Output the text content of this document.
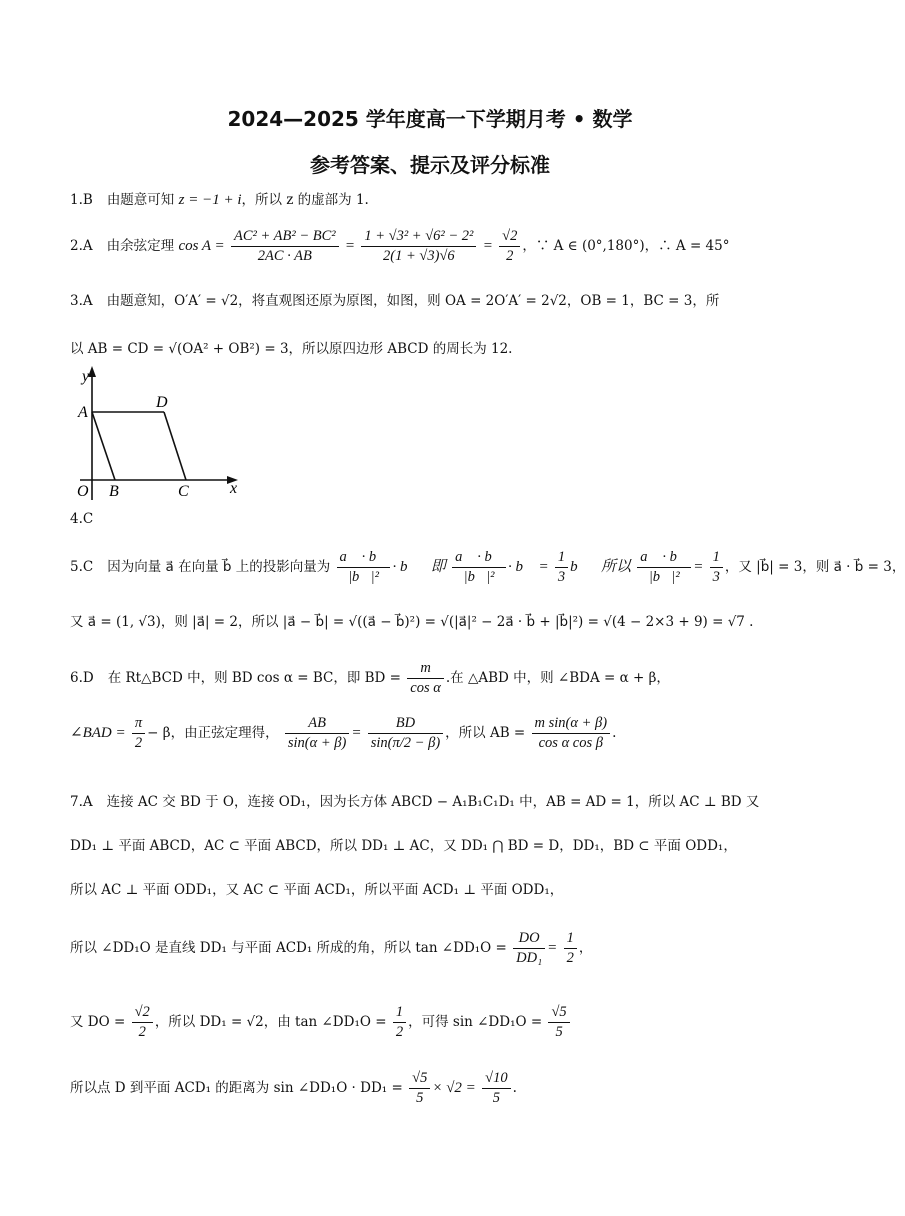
2024—2025 学年度高一下学期月考 • 数学
参考答案、提示及评分标准
1.B 由题意可知 z = −1 + i，所以 z 的虚部为 1.
2.A 由余弦定理 $\cos A = \frac{\text{AC² + AB² − BC²}}{2AC \cdot AB} = \frac{\text{1 + √3² + √6² − 2²}}{2(1 + √3)√6} = \frac{√2}{2}$ ，∵ A ∈ (0°,180°)，∴ A = 45°
3.A 由题意知，O′A′ = √2，将直观图还原为原图，如图，则 OA = 2O′A′ = 2√2，OB = 1，BC = 3，所
以 AB = CD = √(OA² + OB²) = 3，所以原四边形 ABCD 的周长为 12.
y
x
A
D
O B	C
4.C
5.C 因为向量 a⃗ 在向量 b⃗ 上的投影向量为 $\frac{a⃗ \cdot b⃗}{\text{|b⃗|²}}$ · b⃗，即 $\frac{a⃗ \cdot b⃗}{\text{|b⃗|²}}$ · b⃗ = $\frac{1}{3}$ b⃗，所以 $\frac{a⃗ \cdot b⃗}{\text{|b⃗|²}} = \frac{1}{3}$ ，又 |b⃗| = 3，则 a⃗ · b⃗ = 3，
又 a⃗ = (1, √3)，则 |a⃗| = 2，所以 |a⃗ − b⃗| = √((a⃗ − b⃗)²) = √(|a⃗|² − 2a⃗ · b⃗ + |b⃗|²) = √(4 − 2×3 + 9) = √7 .
6.D 在 Rt△BCD 中，则 BD cos α = BC，即 BD = $\frac{m}{\text{cos α}}$ .在 △ABD 中，则 ∠BDA = α + β，
∠BAD = $\frac{\pi}{2} - \beta$，由正弦定理得， $\frac{AB}{\sin(\alpha + \beta)} = \frac{BD}{\sin(\pi/2 - \beta)}$ ，所以 AB = $\frac{\text{m sin(α + β)}}{\text{cos α cos β}}$ .
7.A 连接 AC 交 BD 于 O，连接 OD₁，因为长方体 ABCD − A₁B₁C₁D₁ 中，AB = AD = 1，所以 AC ⊥ BD 又
DD₁ ⊥ 平面 ABCD，AC ⊂ 平面 ABCD，所以 DD₁ ⊥ AC，又 DD₁ ⋂ BD = D，DD₁，BD ⊂ 平面 ODD₁，
所以 AC ⊥ 平面 ODD₁，又 AC ⊂ 平面 ACD₁，所以平面 ACD₁ ⊥ 平面 ODD₁，
所以 ∠DD₁O 是直线 DD₁ 与平面 ACD₁ 所成的角，所以 tan ∠DD₁O = $\frac{DO}{\text{DD₁}} = \frac{1}{2}$ ，
又 DO = $\frac{√2}{2}$ ，所以 DD₁ = √2，由 tan ∠DD₁O = $\frac{1}{2}$ ，可得 sin ∠DD₁O = $\frac{√5}{5}$
所以点 D 到平面 ACD₁ 的距离为 sin ∠DD₁O · $DD_1 = \frac{√5}{5} \times √2 = \frac{√10}{5}$ .
